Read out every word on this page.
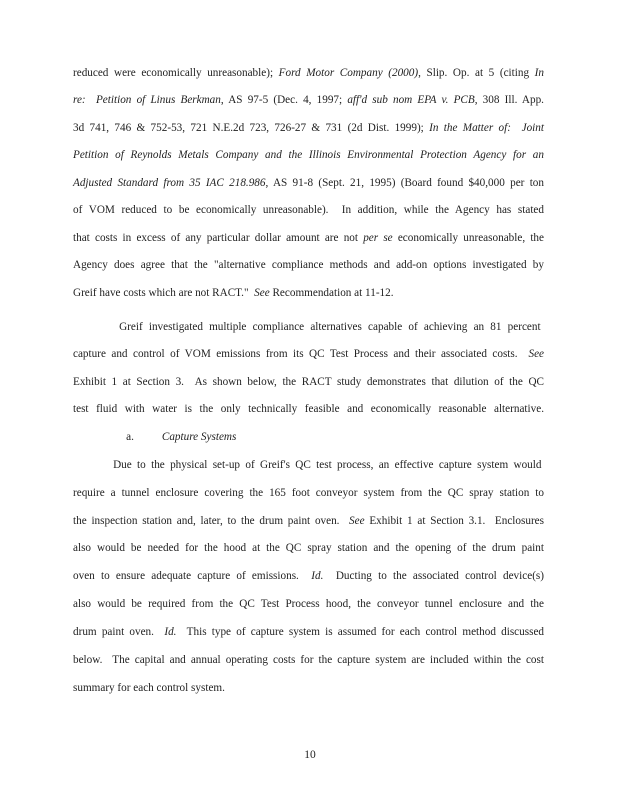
reduced were economically unreasonable); Ford Motor Company (2000), Slip. Op. at 5 (citing In

re:  Petition of Linus Berkman, AS 97-5 (Dec. 4, 1997; aff'd sub nom EPA v. PCB, 308 Ill. App.

3d 741, 746 & 752-53, 721 N.E.2d 723, 726-27 & 731 (2d Dist. 1999); In the Matter of:  Joint

Petition of Reynolds Metals Company and the Illinois Environmental Protection Agency for an

Adjusted Standard from 35 IAC 218.986, AS 91-8 (Sept. 21, 1995) (Board found $40,000 per ton

of VOM reduced to be economically unreasonable).  In addition, while the Agency has stated

that costs in excess of any particular dollar amount are not per se economically unreasonable, the

Agency does agree that the "alternative compliance methods and add-on options investigated by

Greif have costs which are not RACT."  See Recommendation at 11-12.

Greif investigated multiple compliance alternatives capable of achieving an 81 percent

capture and control of VOM emissions from its QC Test Process and their associated costs.  See

Exhibit 1 at Section 3.  As shown below, the RACT study demonstrates that dilution of the QC

test fluid with water is the only technically feasible and economically reasonable alternative.

a.          Capture Systems

Due to the physical set-up of Greif's QC test process, an effective capture system would

require a tunnel enclosure covering the 165 foot conveyor system from the QC spray station to

the inspection station and, later, to the drum paint oven.  See Exhibit 1 at Section 3.1.  Enclosures

also would be needed for the hood at the QC spray station and the opening of the drum paint

oven to ensure adequate capture of emissions.  Id.  Ducting to the associated control device(s)

also would be required from the QC Test Process hood, the conveyor tunnel enclosure and the

drum paint oven.  Id.  This type of capture system is assumed for each control method discussed

below.  The capital and annual operating costs for the capture system are included within the cost

summary for each control system.

10
